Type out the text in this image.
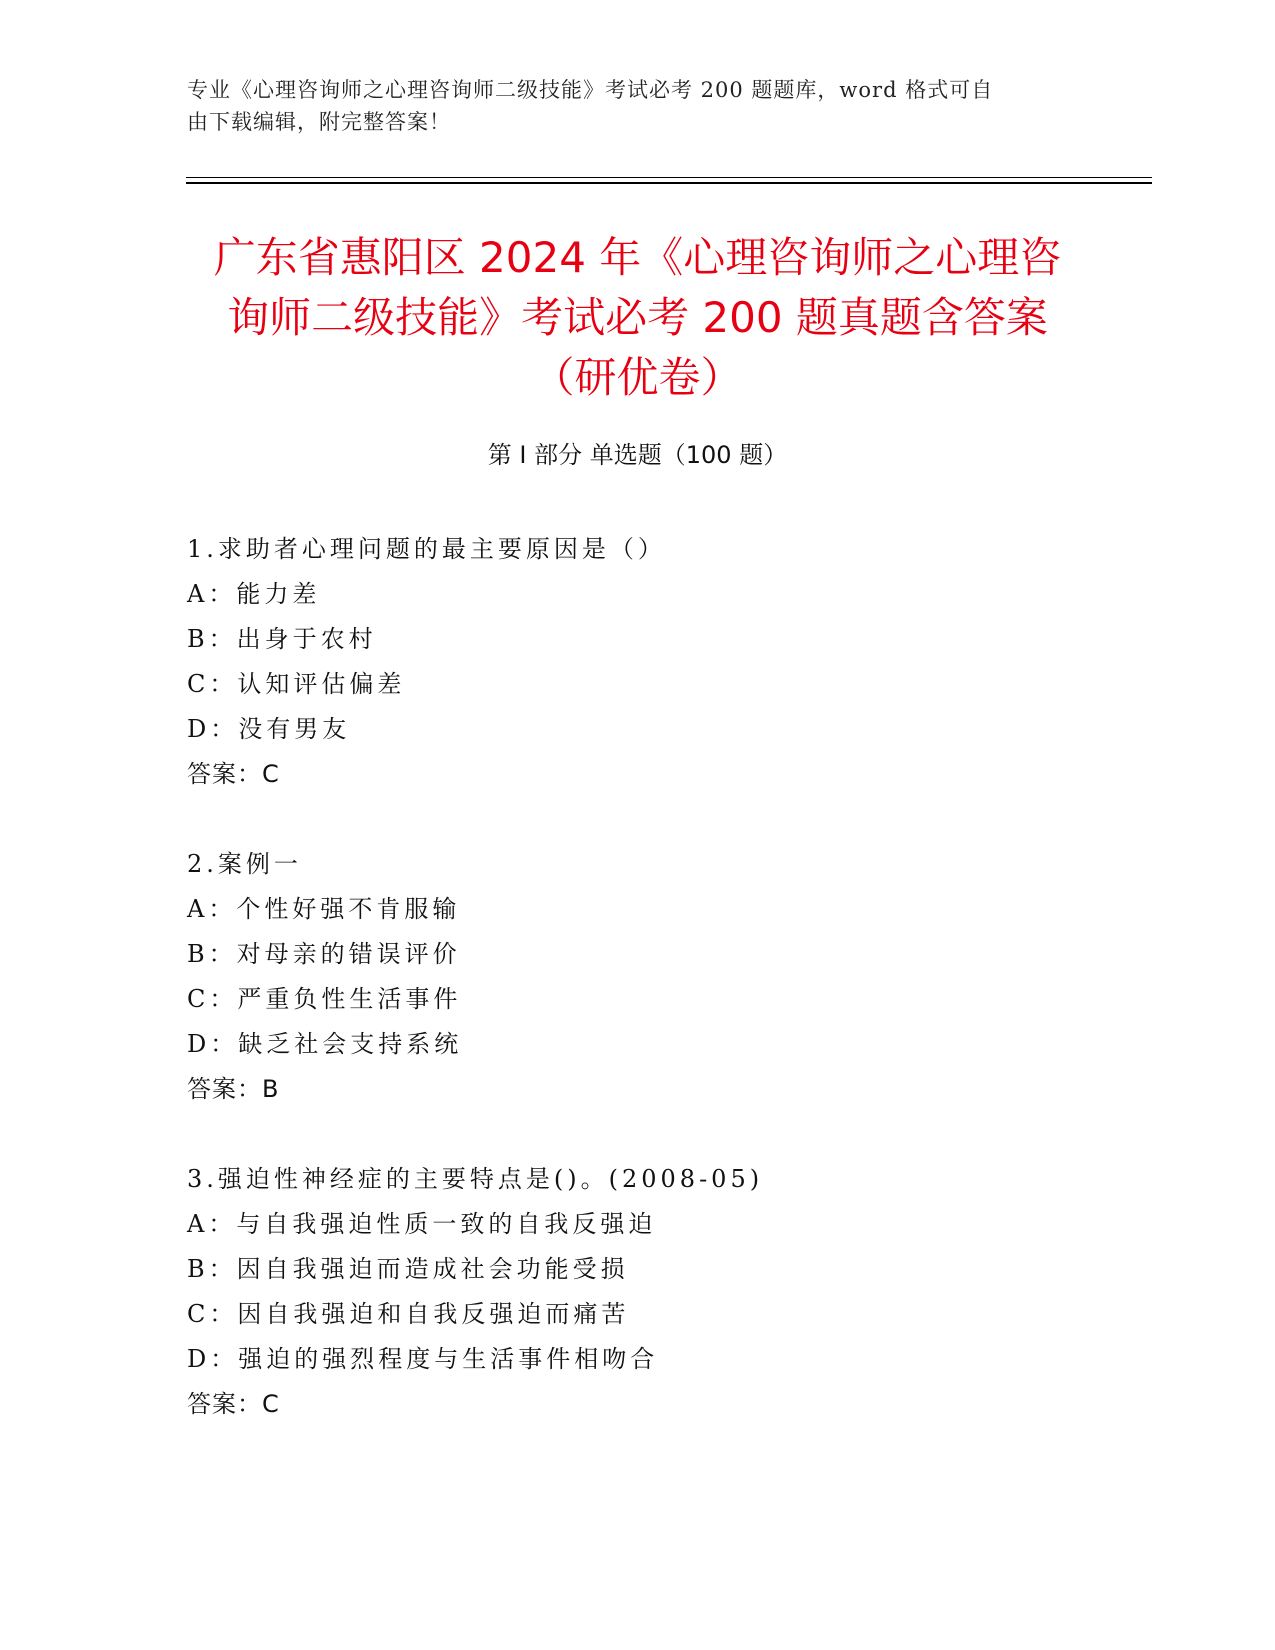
专业《心理咨询师之心理咨询师二级技能》考试必考 200 题题库，word 格式可自
由下载编辑，附完整答案！
广东省惠阳区 2024 年《心理咨询师之心理咨
询师二级技能》考试必考 200 题真题含答案
（研优卷）
第 I 部分 单选题（100 题）
1.求助者心理问题的最主要原因是（）
A：能力差
B：出身于农村
C：认知评估偏差
D：没有男友
答案：C
2.案例一
A：个性好强不肯服输
B：对母亲的错误评价
C：严重负性生活事件
D：缺乏社会支持系统
答案：B
3.强迫性神经症的主要特点是()。(2008-05)
A：与自我强迫性质一致的自我反强迫
B：因自我强迫而造成社会功能受损
C：因自我强迫和自我反强迫而痛苦
D：强迫的强烈程度与生活事件相吻合
答案：C
